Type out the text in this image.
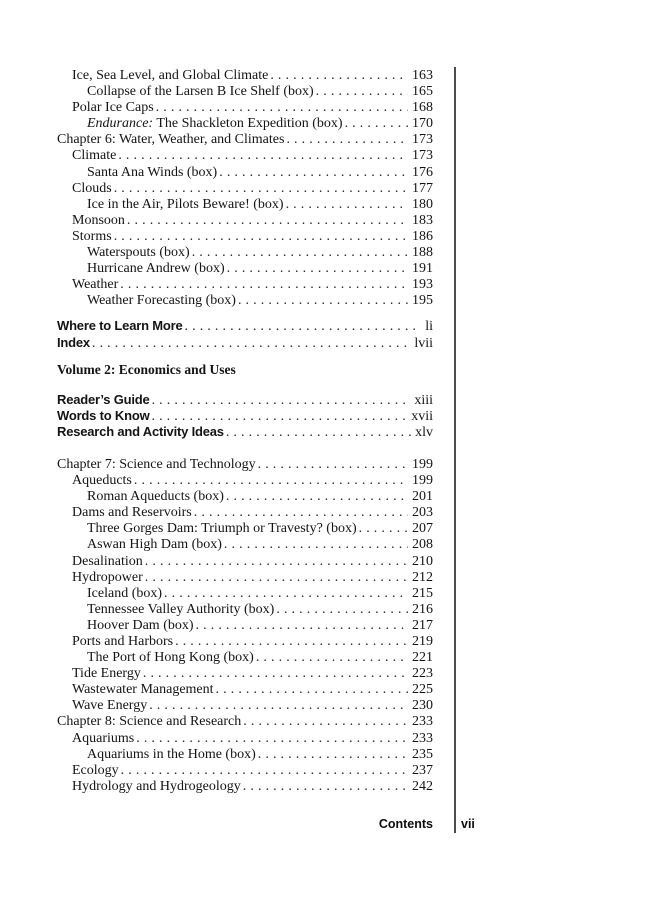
Ice, Sea Level, and Global Climate . . .	163
Collapse of the Larsen B Ice Shelf (box) . . .	165
Polar Ice Caps . . .	168
Endurance: The Shackleton Expedition (box) . . .	170
Chapter 6: Water, Weather, and Climates . . .	173
Climate . . .	173
Santa Ana Winds (box) . . .	176
Clouds . . .	177
Ice in the Air, Pilots Beware! (box) . . .	180
Monsoon . . .	183
Storms . . .	186
Waterspouts (box) . . .	188
Hurricane Andrew (box) . . .	191
Weather . . .	193
Weather Forecasting (box) . . .	195
Where to Learn More . . .	li
Index . . .	lvii
Volume 2: Economics and Uses
Reader’s Guide . . .	xiii
Words to Know . . .	xvii
Research and Activity Ideas . . .	xlv
Chapter 7: Science and Technology . . .	199
Aqueducts . . .	199
Roman Aqueducts (box) . . .	201
Dams and Reservoirs . . .	203
Three Gorges Dam: Triumph or Travesty? (box) . . .	207
Aswan High Dam (box) . . .	208
Desalination . . .	210
Hydropower . . .	212
Iceland (box) . . .	215
Tennessee Valley Authority (box) . . .	216
Hoover Dam (box) . . .	217
Ports and Harbors . . .	219
The Port of Hong Kong (box) . . .	221
Tide Energy . . .	223
Wastewater Management . . .	225
Wave Energy . . .	230
Chapter 8: Science and Research . . .	233
Aquariums . . .	233
Aquariums in the Home (box) . . .	235
Ecology . . .	237
Hydrology and Hydrogeology . . .	242
Contents vii
